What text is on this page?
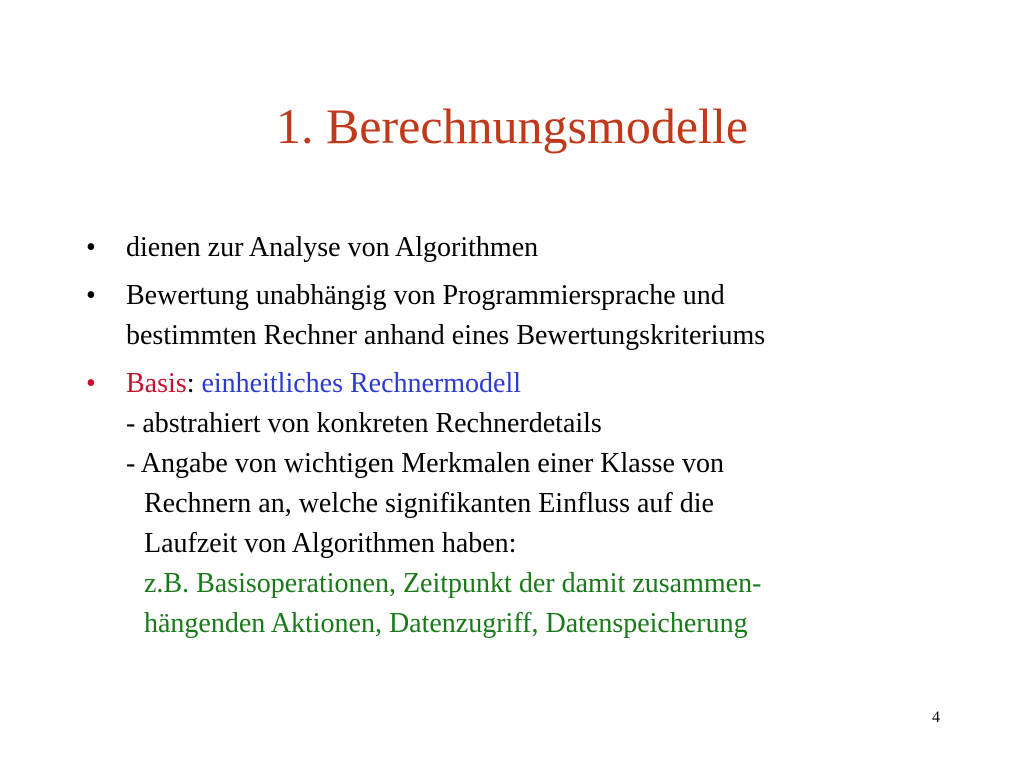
1. Berechnungsmodelle
•	dienen zur Analyse von Algorithmen
•	Bewertung unabhängig von Programmiersprache und
bestimmten Rechner anhand eines Bewertungskriteriums
•	Basis: einheitliches Rechnermodell
- abstrahiert von konkreten Rechnerdetails
- Angabe von wichtigen Merkmalen einer Klasse von
Rechnern an, welche signifikanten Einfluss auf die
Laufzeit von Algorithmen haben:
z.B. Basisoperationen, Zeitpunkt der damit zusammen-
hängenden Aktionen, Datenzugriff, Datenspeicherung
4
